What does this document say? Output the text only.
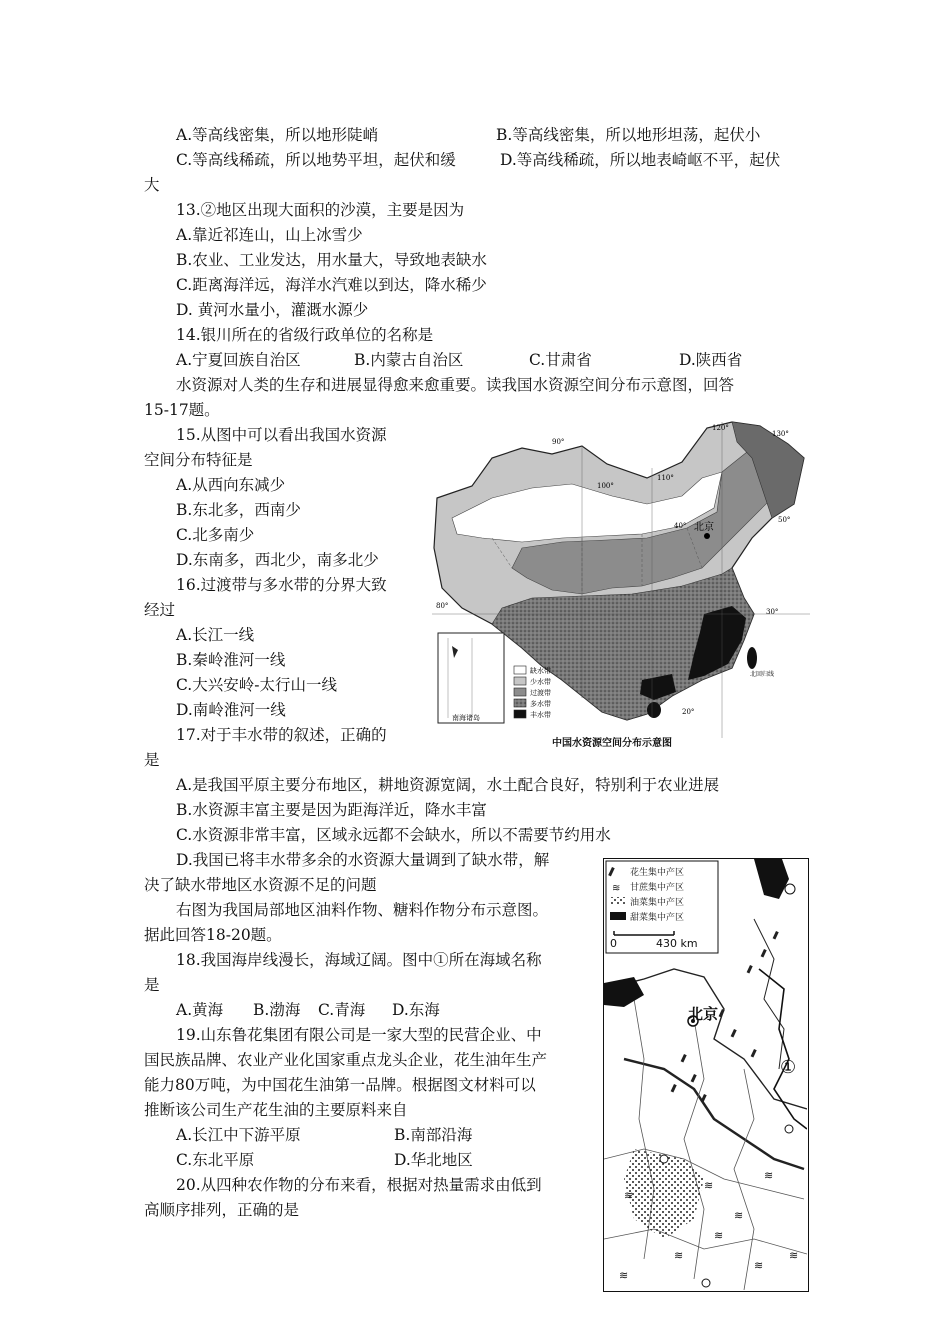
A.等高线密集，所以地形陡峭	B.等高线密集，所以地形坦荡，起伏小
C.等高线稀疏，所以地势平坦，起伏和缓	D.等高线稀疏，所以地表崎岖不平，起伏
大
13.②地区出现大面积的沙漠，主要是因为
A.靠近祁连山，山上冰雪少
B.农业、工业发达，用水量大，导致地表缺水
C.距离海洋远，海洋水汽难以到达，降水稀少
D. 黄河水量小，灌溉水源少
14.银川所在的省级行政单位的名称是
A.宁夏回族自治区	B.内蒙古自治区	C.甘肃省	D.陕西省
水资源对人类的生存和进展显得愈来愈重要。读我国水资源空间分布示意图，回答
15-17题。
15.从图中可以看出我国水资源
空间分布特征是
A.从西向东减少
B.东北多，西南少
C.北多南少
D.东南多，西北少，南多北少
16.过渡带与多水带的分界大致
经过
A.长江一线
B.秦岭淮河一线
C.大兴安岭-太行山一线
D.南岭淮河一线
17.对于丰水带的叙述，正确的
是
A.是我国平原主要分布地区，耕地资源宽阔，水土配合良好，特别利于农业进展
B.水资源丰富主要是因为距海洋近，降水丰富
C.水资源非常丰富，区域永远都不会缺水，所以不需要节约用水
D.我国已将丰水带多余的水资源大量调到了缺水带，解
决了缺水带地区水资源不足的问题
右图为我国局部地区油料作物、糖料作物分布示意图。
据此回答18-20题。
18.我国海岸线漫长，海域辽阔。图中①所在海域名称
是
A.黄海 B.渤海 C.青海 D.东海
19.山东鲁花集团有限公司是一家大型的民营企业、中
国民族品牌、农业产业化国家重点龙头企业，花生油年生产
能力80万吨，为中国花生油第一品牌。根据图文材料可以
推断该公司生产花生油的主要原料来自
A.长江中下游平原	B.南部沿海
C.东北平原	D.华北地区
20.从四种农作物的分布来看，根据对热量需求由低到
高顺序排列，正确的是
北京
90°
100°
110°
120°
130°
80°
30°
50°
40°
20°
北回归线
南海诸岛
缺水带
少水带
过渡带
多水带
丰水带
中国水资源空间分布示意图
≋
≋
≋
≋
≋
≋
≋
≋
≋
北京
①
花生集中产区
≋ 甘蔗集中产区
油菜集中产区
甜菜集中产区
0	430 km
